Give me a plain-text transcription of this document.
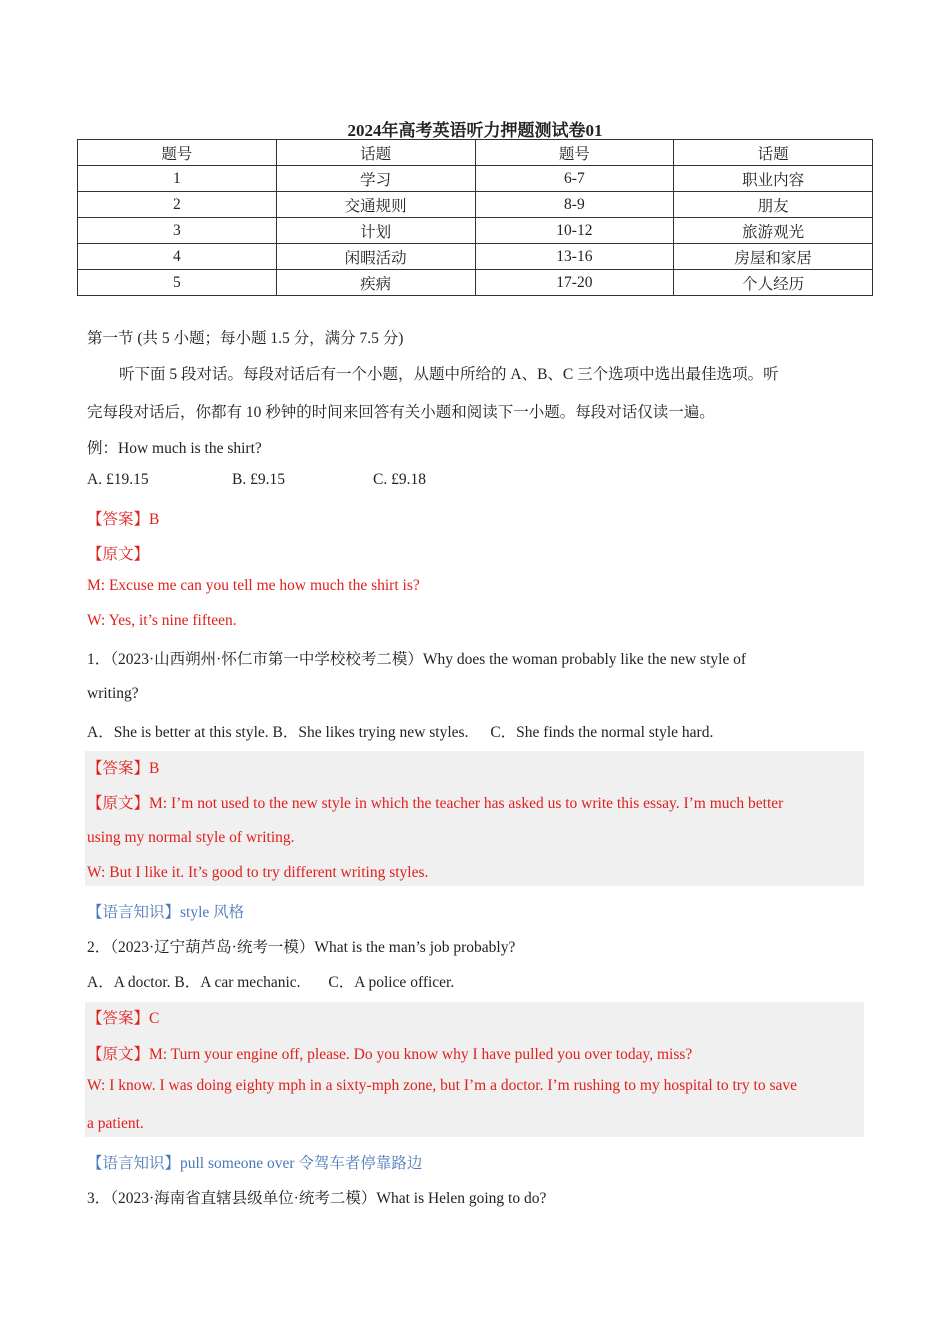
2024年高考英语听力押题测试卷01
题号	话题	题号	话题
1	学习	6-7	职业内容
2	交通规则	8-9	朋友
3	计划	10-12	旅游观光
4	闲暇活动	13-16	房屋和家居
5	疾病	17-20	个人经历
第一节 (共 5 小题；每小题 1.5 分，满分 7.5 分)
听下面 5 段对话。每段对话后有一个小题，从题中所给的 A、B、C 三个选项中选出最佳选项。听
完每段对话后，你都有 10 秒钟的时间来回答有关小题和阅读下一小题。每段对话仅读一遍。
例：How much is the shirt?
A. £19.15	B. £9.15	C. £9.18
【答案】B
【原文】
M: Excuse me can you tell me how much the shirt is?
W: Yes, it’s nine fifteen.
1．（2023·山西朔州·怀仁市第一中学校校考二模）Why does the woman probably like the new style of
writing?
A．She is better at this style. B．She likes trying new styles. C．She finds the normal style hard.
【答案】B
【原文】M: I’m not used to the new style in which the teacher has asked us to write this essay. I’m much better
using my normal style of writing.
W: But I like it. It’s good to try different writing styles.
【语言知识】style 风格
2．（2023·辽宁葫芦岛·统考一模）What is the man’s job probably?
A．A doctor. B．A car mechanic. C．A police officer.
【答案】C
【原文】M: Turn your engine off, please. Do you know why I have pulled you over today, miss?
W: I know. I was doing eighty mph in a sixty-mph zone, but I’m a doctor. I’m rushing to my hospital to try to save
a patient.
【语言知识】pull someone over 令驾车者停靠路边
3．（2023·海南省直辖县级单位·统考二模）What is Helen going to do?
